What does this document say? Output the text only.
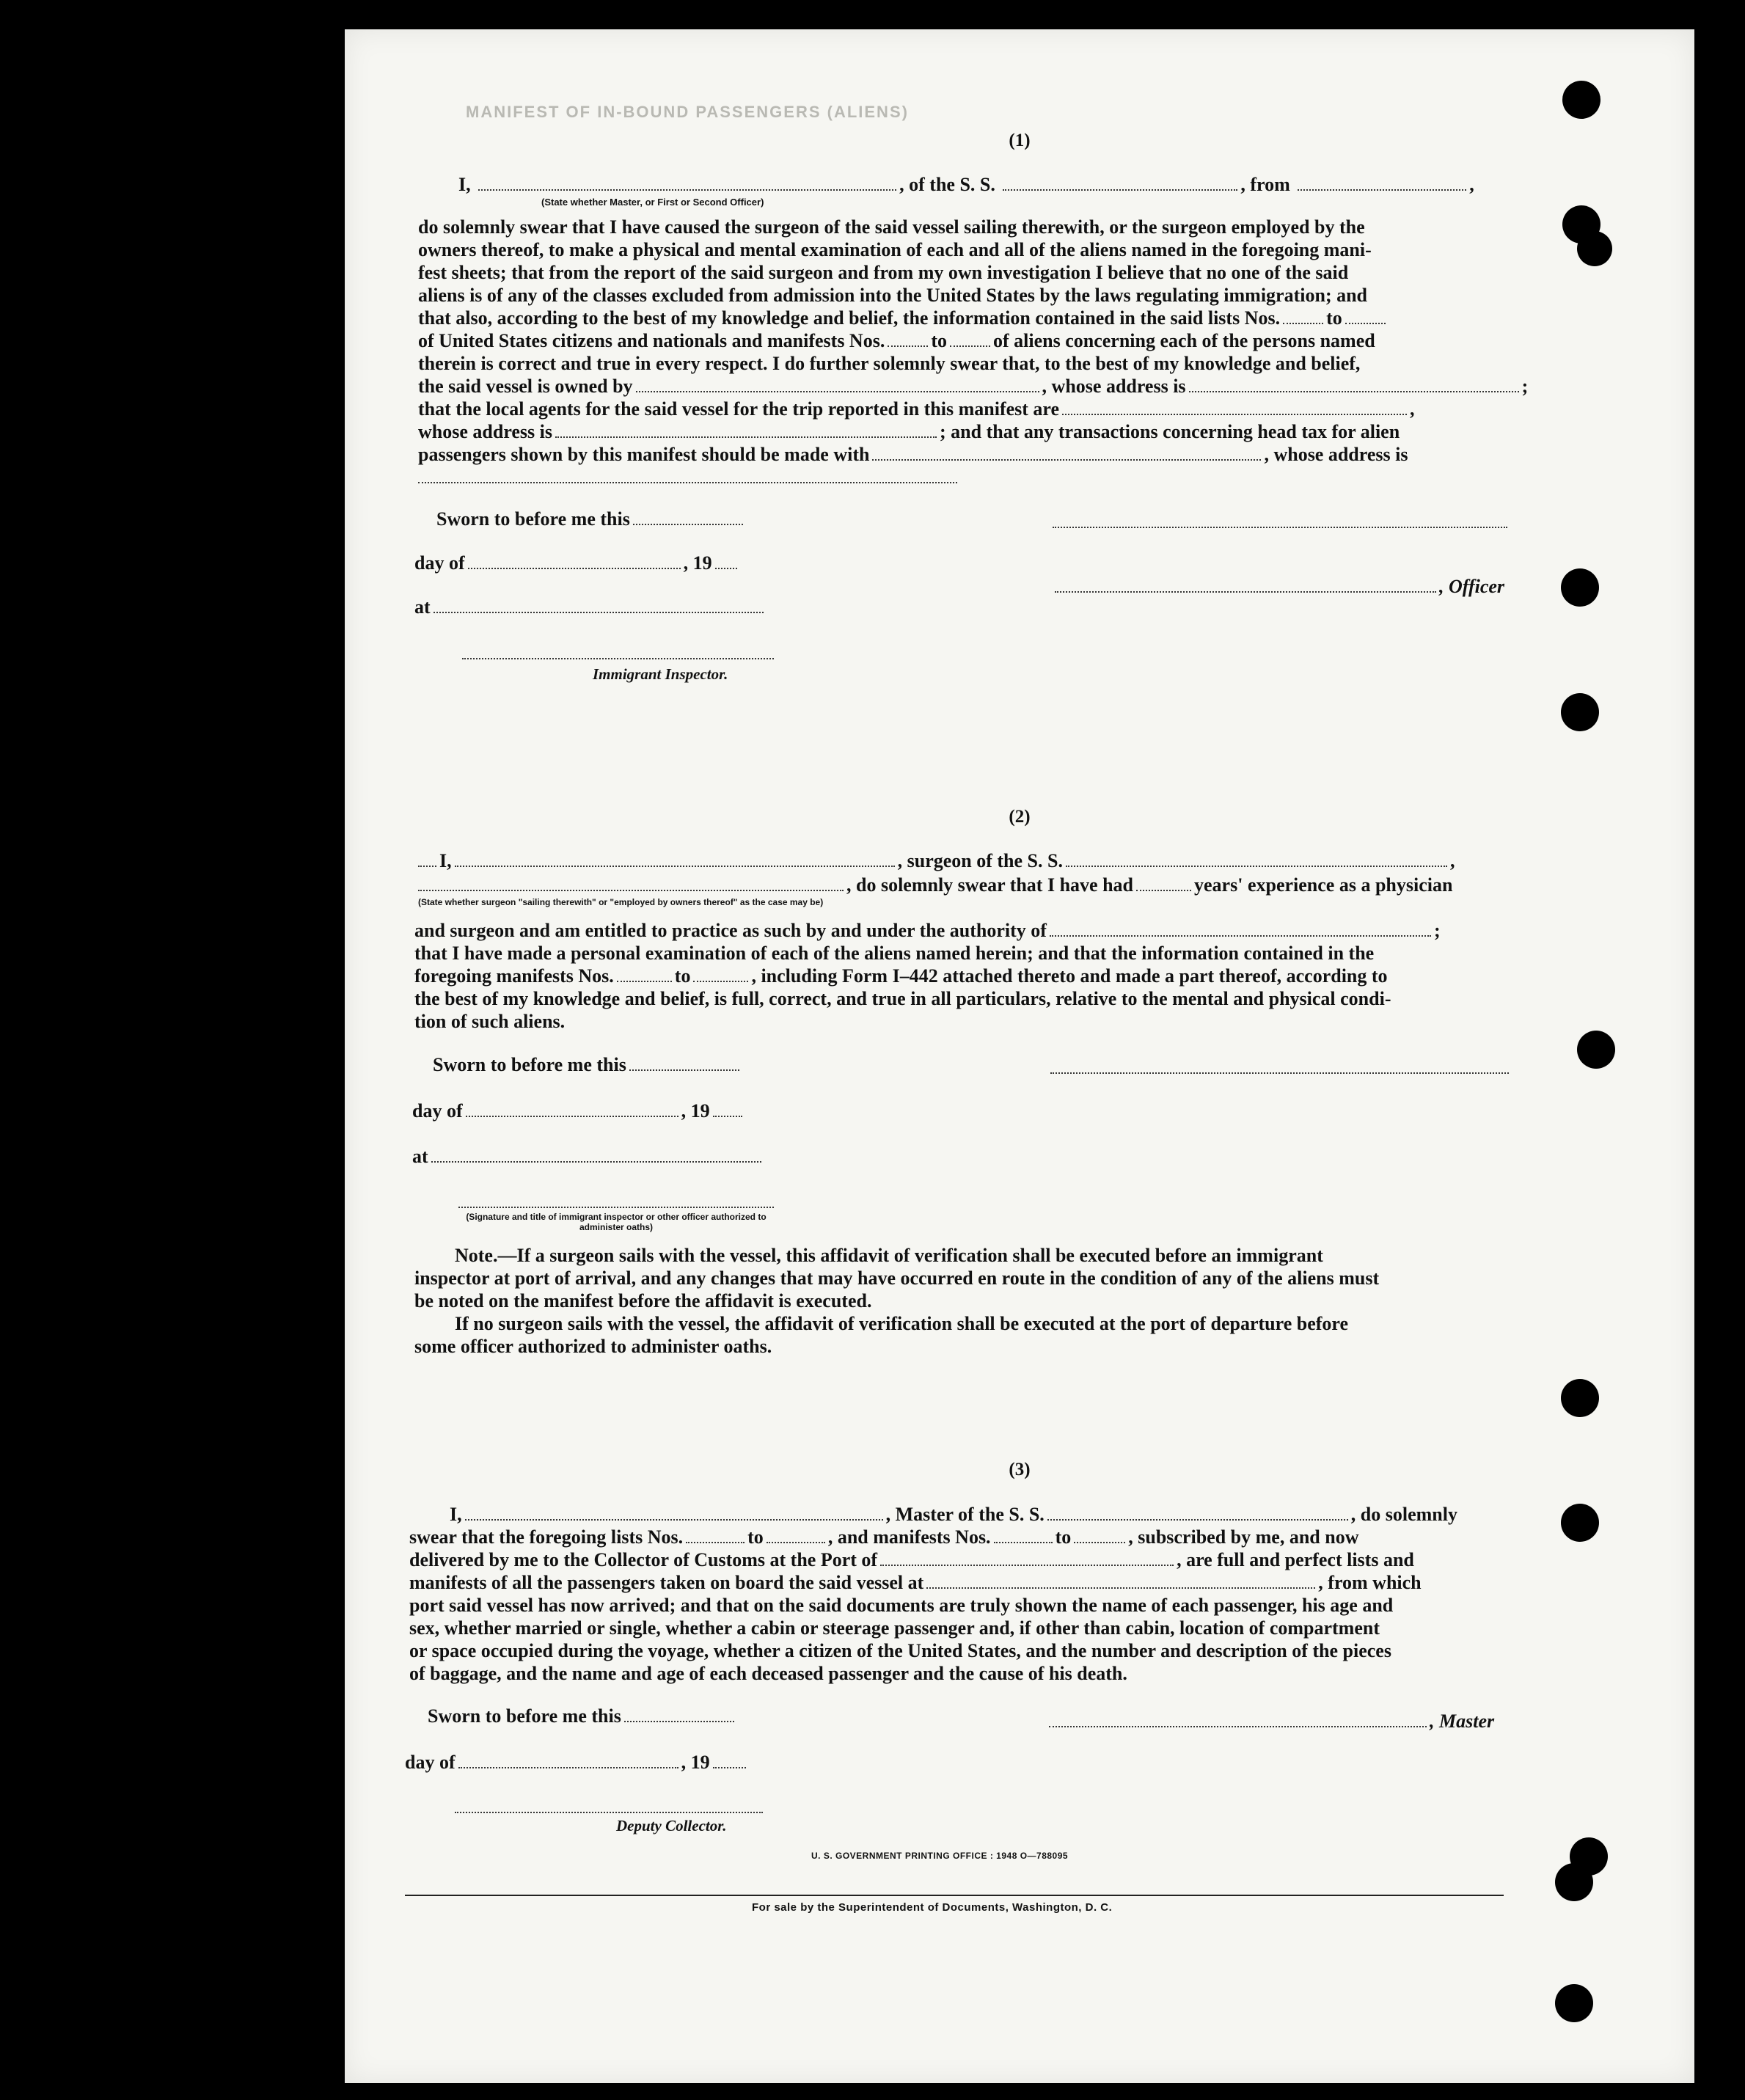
MANIFEST OF IN-BOUND PASSENGERS (ALIENS)
(1)
I,	, of the S. S.	, from	,
(State whether Master, or First or Second Officer)
do solemnly swear that I have caused the surgeon of the said vessel sailing therewith, or the surgeon employed by the
owners thereof, to make a physical and mental examination of each and all of the aliens named in the foregoing mani-
fest sheets; that from the report of the said surgeon and from my own investigation I believe that no one of the said
aliens is of any of the classes excluded from admission into the United States by the laws regulating immigration; and
that also, according to the best of my knowledge and belief, the information contained in the said lists Nos. to
of United States citizens and nationals and manifests Nos. to of aliens concerning each of the persons named
therein is correct and true in every respect. I do further solemnly swear that, to the best of my knowledge and belief,
the said vessel is owned by	, whose address is	;
that the local agents for the said vessel for the trip reported in this manifest are	,
whose address is	; and that any transactions concerning head tax for alien
passengers shown by this manifest should be made with	, whose address is
Sworn to before me this
day of	, 19
, Officer
at
Immigrant Inspector.
(2)
I,	, surgeon of the S. S.	,
, do solemnly swear that I have had	years' experience as a physician
(State whether surgeon "sailing therewith" or "employed by owners thereof" as the case may be)
and surgeon and am entitled to practice as such by and under the authority of	;
that I have made a personal examination of each of the aliens named herein; and that the information contained in the
foregoing manifests Nos.	to	, including Form I–442 attached thereto and made a part thereof, according to
the best of my knowledge and belief, is full, correct, and true in all particulars, relative to the mental and physical condi-
tion of such aliens.
Sworn to before me this
day of	, 19
at
(Signature and title of immigrant inspector or other officer authorized to administer oaths)
Note.—If a surgeon sails with the vessel, this affidavit of verification shall be executed before an immigrant
inspector at port of arrival, and any changes that may have occurred en route in the condition of any of the aliens must
be noted on the manifest before the affidavit is executed.
If no surgeon sails with the vessel, the affidavit of verification shall be executed at the port of departure before
some officer authorized to administer oaths.
(3)
I,	, Master of the S. S.	, do solemnly
swear that the foregoing lists Nos.	to	, and manifests Nos.	to	, subscribed by me, and now
delivered by me to the Collector of Customs at the Port of	, are full and perfect lists and
manifests of all the passengers taken on board the said vessel at	, from which
port said vessel has now arrived; and that on the said documents are truly shown the name of each passenger, his age and
sex, whether married or single, whether a cabin or steerage passenger and, if other than cabin, location of compartment
or space occupied during the voyage, whether a citizen of the United States, and the number and description of the pieces
of baggage, and the name and age of each deceased passenger and the cause of his death.
Sworn to before me this	, Master
day of	, 19
Deputy Collector.
U. S. GOVERNMENT PRINTING OFFICE : 1948 O—788095
For sale by the Superintendent of Documents, Washington, D. C.
